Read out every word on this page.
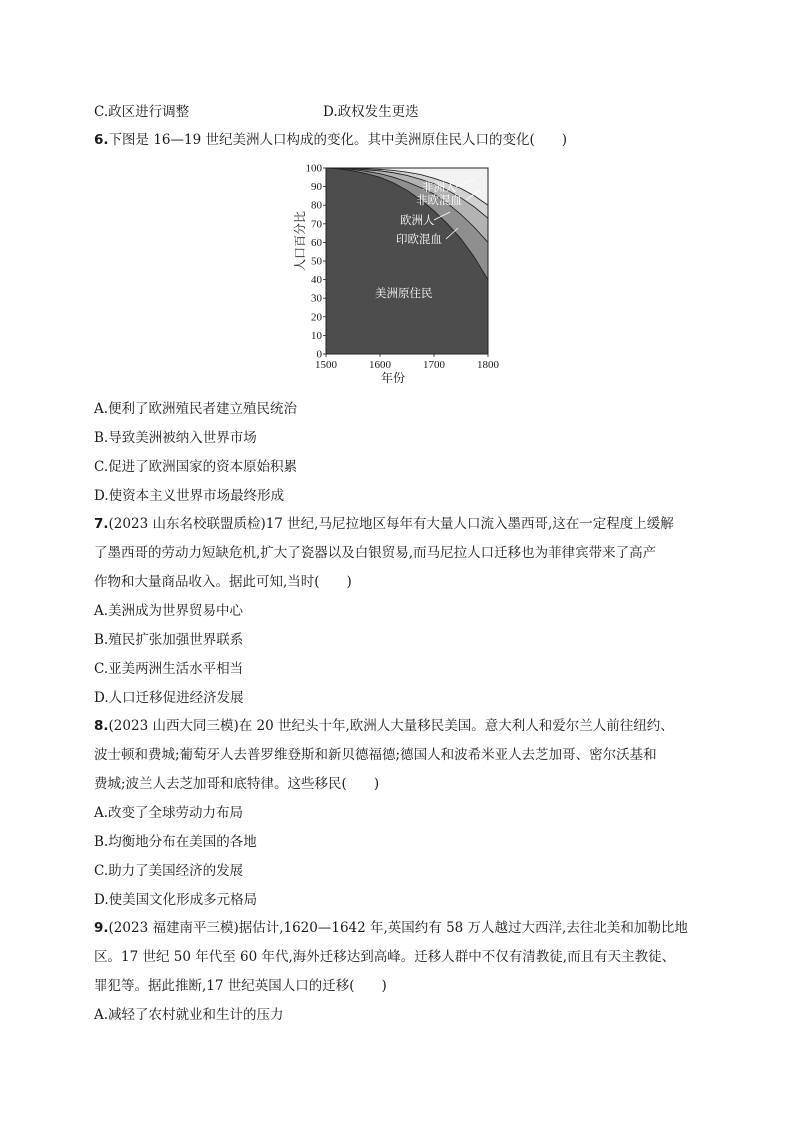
C.政区进行调整	D.政权发生更迭
6.下图是 16—19 世纪美洲人口构成的变化。其中美洲原住民人口的变化(　　)
0
10
20
30
40
50
60
70
80
90
100
1500	1600	1700	1800
年份
人口百分比
非洲人
非欧混血
欧洲人
印欧混血
美洲原住民
A.便利了欧洲殖民者建立殖民统治
B.导致美洲被纳入世界市场
C.促进了欧洲国家的资本原始积累
D.使资本主义世界市场最终形成
7.(2023 山东名校联盟质检)17 世纪,马尼拉地区每年有大量人口流入墨西哥,这在一定程度上缓解
了墨西哥的劳动力短缺危机,扩大了瓷器以及白银贸易,而马尼拉人口迁移也为菲律宾带来了高产
作物和大量商品收入。据此可知,当时(　　)
A.美洲成为世界贸易中心
B.殖民扩张加强世界联系
C.亚美两洲生活水平相当
D.人口迁移促进经济发展
8.(2023 山西大同三模)在 20 世纪头十年,欧洲人大量移民美国。意大利人和爱尔兰人前往纽约、
波士顿和费城;葡萄牙人去普罗维登斯和新贝德福德;德国人和波希米亚人去芝加哥、密尔沃基和
费城;波兰人去芝加哥和底特律。这些移民(　　)
A.改变了全球劳动力布局
B.均衡地分布在美国的各地
C.助力了美国经济的发展
D.使美国文化形成多元格局
9.(2023 福建南平三模)据估计,1620—1642 年,英国约有 58 万人越过大西洋,去往北美和加勒比地
区。17 世纪 50 年代至 60 年代,海外迁移达到高峰。迁移人群中不仅有清教徒,而且有天主教徒、
罪犯等。据此推断,17 世纪英国人口的迁移(　　)
A.减轻了农村就业和生计的压力
